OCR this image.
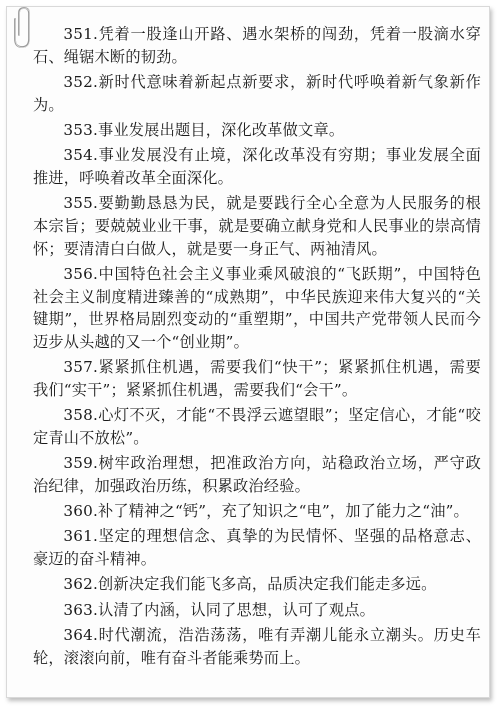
351.凭着一股逢山开路、遇水架桥的闯劲，凭着一股滴水穿石、绳锯木断的韧劲。

352.新时代意味着新起点新要求，新时代呼唤着新气象新作为。

353.事业发展出题目，深化改革做文章。

354.事业发展没有止境，深化改革没有穷期；事业发展全面推进，呼唤着改革全面深化。

355.要勤勤恳恳为民，就是要践行全心全意为人民服务的根本宗旨；要兢兢业业干事，就是要确立献身党和人民事业的崇高情怀；要清清白白做人，就是要一身正气、两袖清风。

356.中国特色社会主义事业乘风破浪的“飞跃期”，中国特色社会主义制度精进臻善的“成熟期”，中华民族迎来伟大复兴的“关键期”，世界格局剧烈变动的“重塑期”，中国共产党带领人民而今迈步从头越的又一个“创业期”。

357.紧紧抓住机遇，需要我们“快干”；紧紧抓住机遇，需要我们“实干”；紧紧抓住机遇，需要我们“会干”。

358.心灯不灭，才能“不畏浮云遮望眼”；坚定信心，才能“咬定青山不放松”。

359.树牢政治理想，把准政治方向，站稳政治立场，严守政治纪律，加强政治历练，积累政治经验。

360.补了精神之“钙”，充了知识之“电”，加了能力之“油”。

361.坚定的理想信念、真挚的为民情怀、坚强的品格意志、豪迈的奋斗精神。

362.创新决定我们能飞多高，品质决定我们能走多远。

363.认清了内涵，认同了思想，认可了观点。

364.时代潮流，浩浩荡荡，唯有弄潮儿能永立潮头。历史车轮，滚滚向前，唯有奋斗者能乘势而上。
